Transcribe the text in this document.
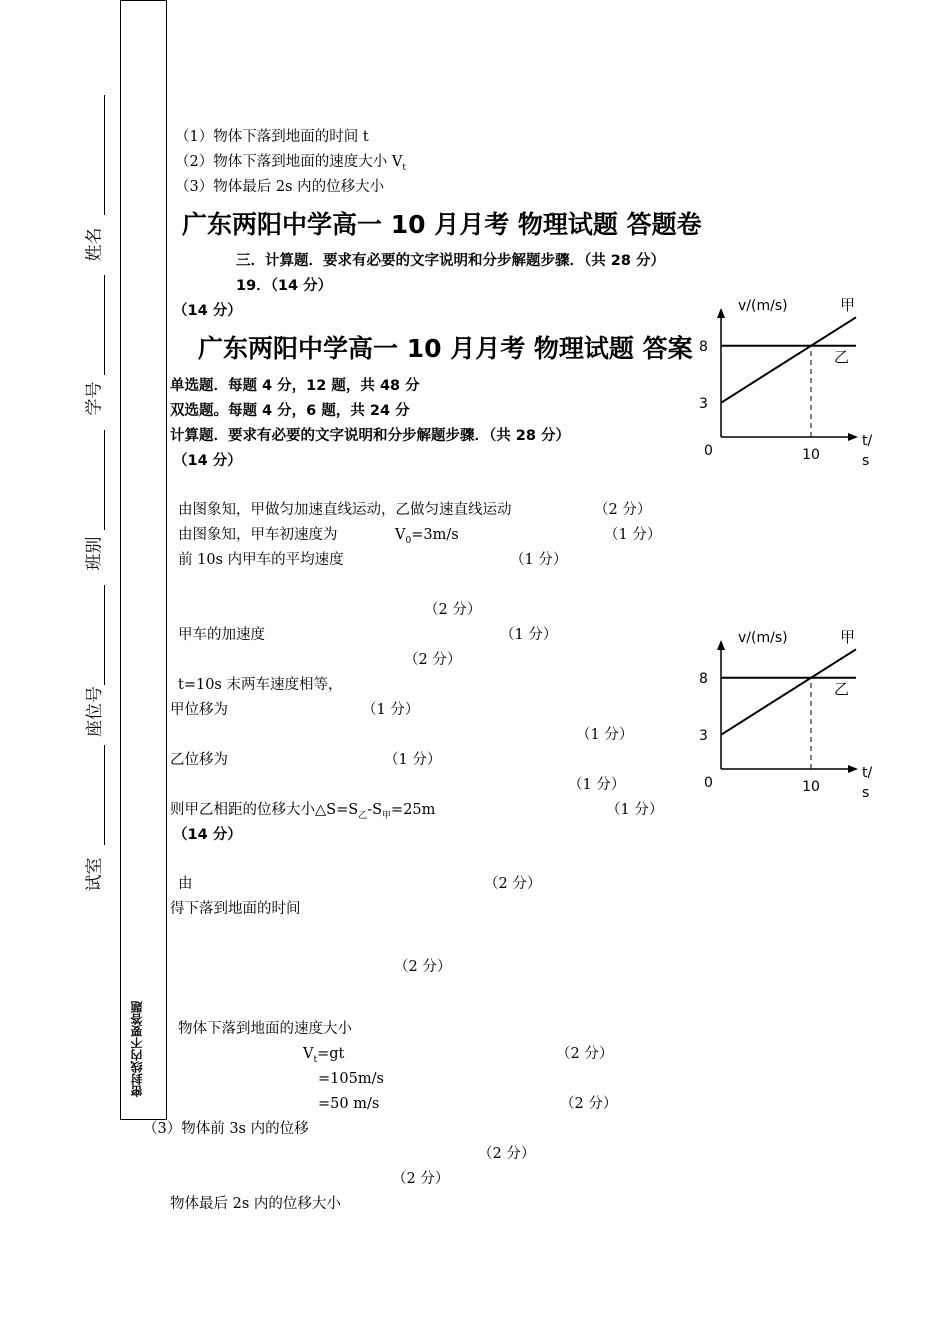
姓名
学号
班别
座位号
试室
密封线内不要答题
（1）物体下落到地面的时间 t
（2）物体下落到地面的速度大小 $V_t$
（3）物体最后 2s 内的位移大小
广东两阳中学高一 10 月月考 物理试题 答题卷
三．计算题．要求有必要的文字说明和分步解题步骤．（共 28 分）
19．（14 分）
（14 分）
单选题．每题 4 分，12 题，共 48 分
双选题。每题 4 分，6 题，共 24 分
计算题．要求有必要的文字说明和分步解题步骤．（共 28 分）
（14 分）
由图象知，甲做匀加速直线运动，乙做匀速直线运动	（2 分）
由图象知，甲车初速度为	$V_0=3m/s$	（1 分）
前 10s 内甲车的平均速度	（1 分）
（2 分）
甲车的加速度	（1 分）
（2 分）
t=10s 末两车速度相等，
甲位移为	（1 分）
（1 分）
乙位移为	（1 分）
（1 分）
则甲乙相距的位移大小$\triangle S=S_乙-S_甲=25m$	（1 分）
（14 分）
由	（2 分）
得下落到地面的时间
（2 分）
物体下落到地面的速度大小
$V_t=gt$	（2 分）
=105m/s
=50 m/s	（2 分）
（3）物体前 3s 内的位移
（2 分）
（2 分）
物体最后 2s 内的位移大小
v/(m/s)
t/
s
0
3
8
10
甲
乙
广东两阳中学高一 10 月月考 物理试题 答案
v/(m/s)
t/
s
0
3
8
10
甲
乙
